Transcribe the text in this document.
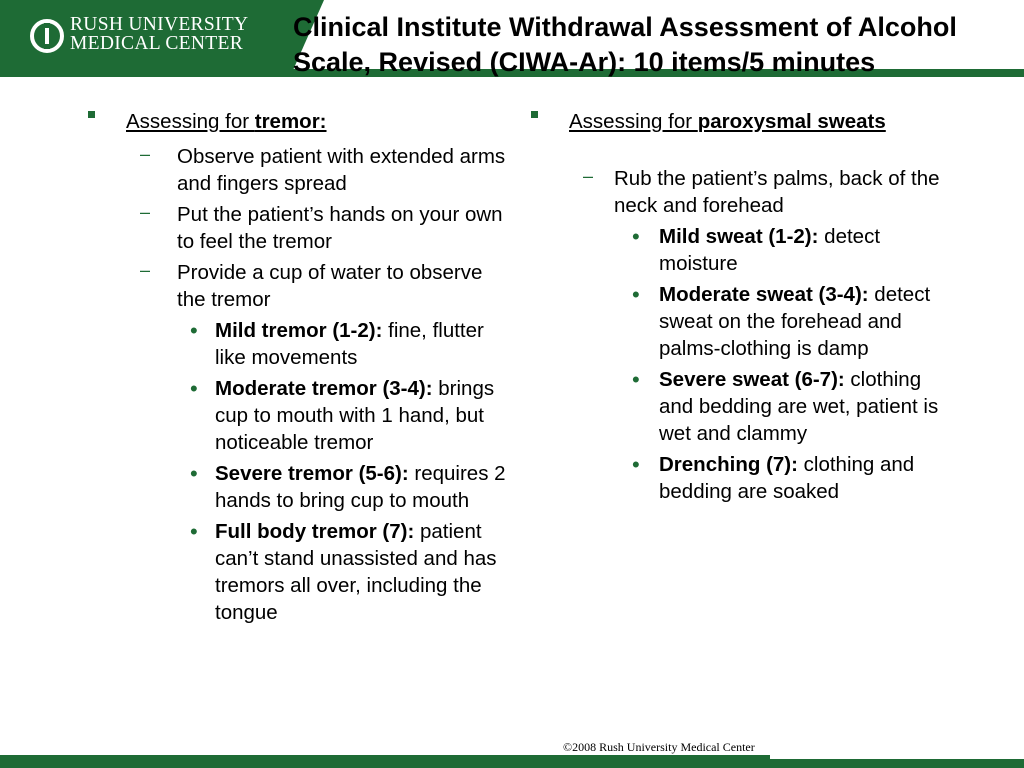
RUSH UNIVERSITY
MEDICAL CENTER
Clinical Institute Withdrawal Assessment of Alcohol Scale, Revised (CIWA-Ar): 10 items/5 minutes
Assessing for tremor:
– Observe patient with extended arms and fingers spread
– Put the patient’s hands on your own to feel the tremor
– Provide a cup of water to observe the tremor
• Mild tremor (1-2): fine, flutter like movements
• Moderate tremor (3-4): brings cup to mouth with 1 hand, but noticeable tremor
• Severe tremor (5-6): requires 2 hands to bring cup to mouth
• Full body tremor (7): patient can’t stand unassisted and has tremors all over, including the tongue
Assessing for paroxysmal sweats
– Rub the patient’s palms, back of the neck and forehead
• Mild sweat (1-2): detect moisture
• Moderate sweat (3-4): detect sweat on the forehead and palms-clothing is damp
• Severe sweat (6-7): clothing and bedding are wet, patient is wet and clammy
• Drenching (7): clothing and bedding are soaked
©2008 Rush University Medical Center
